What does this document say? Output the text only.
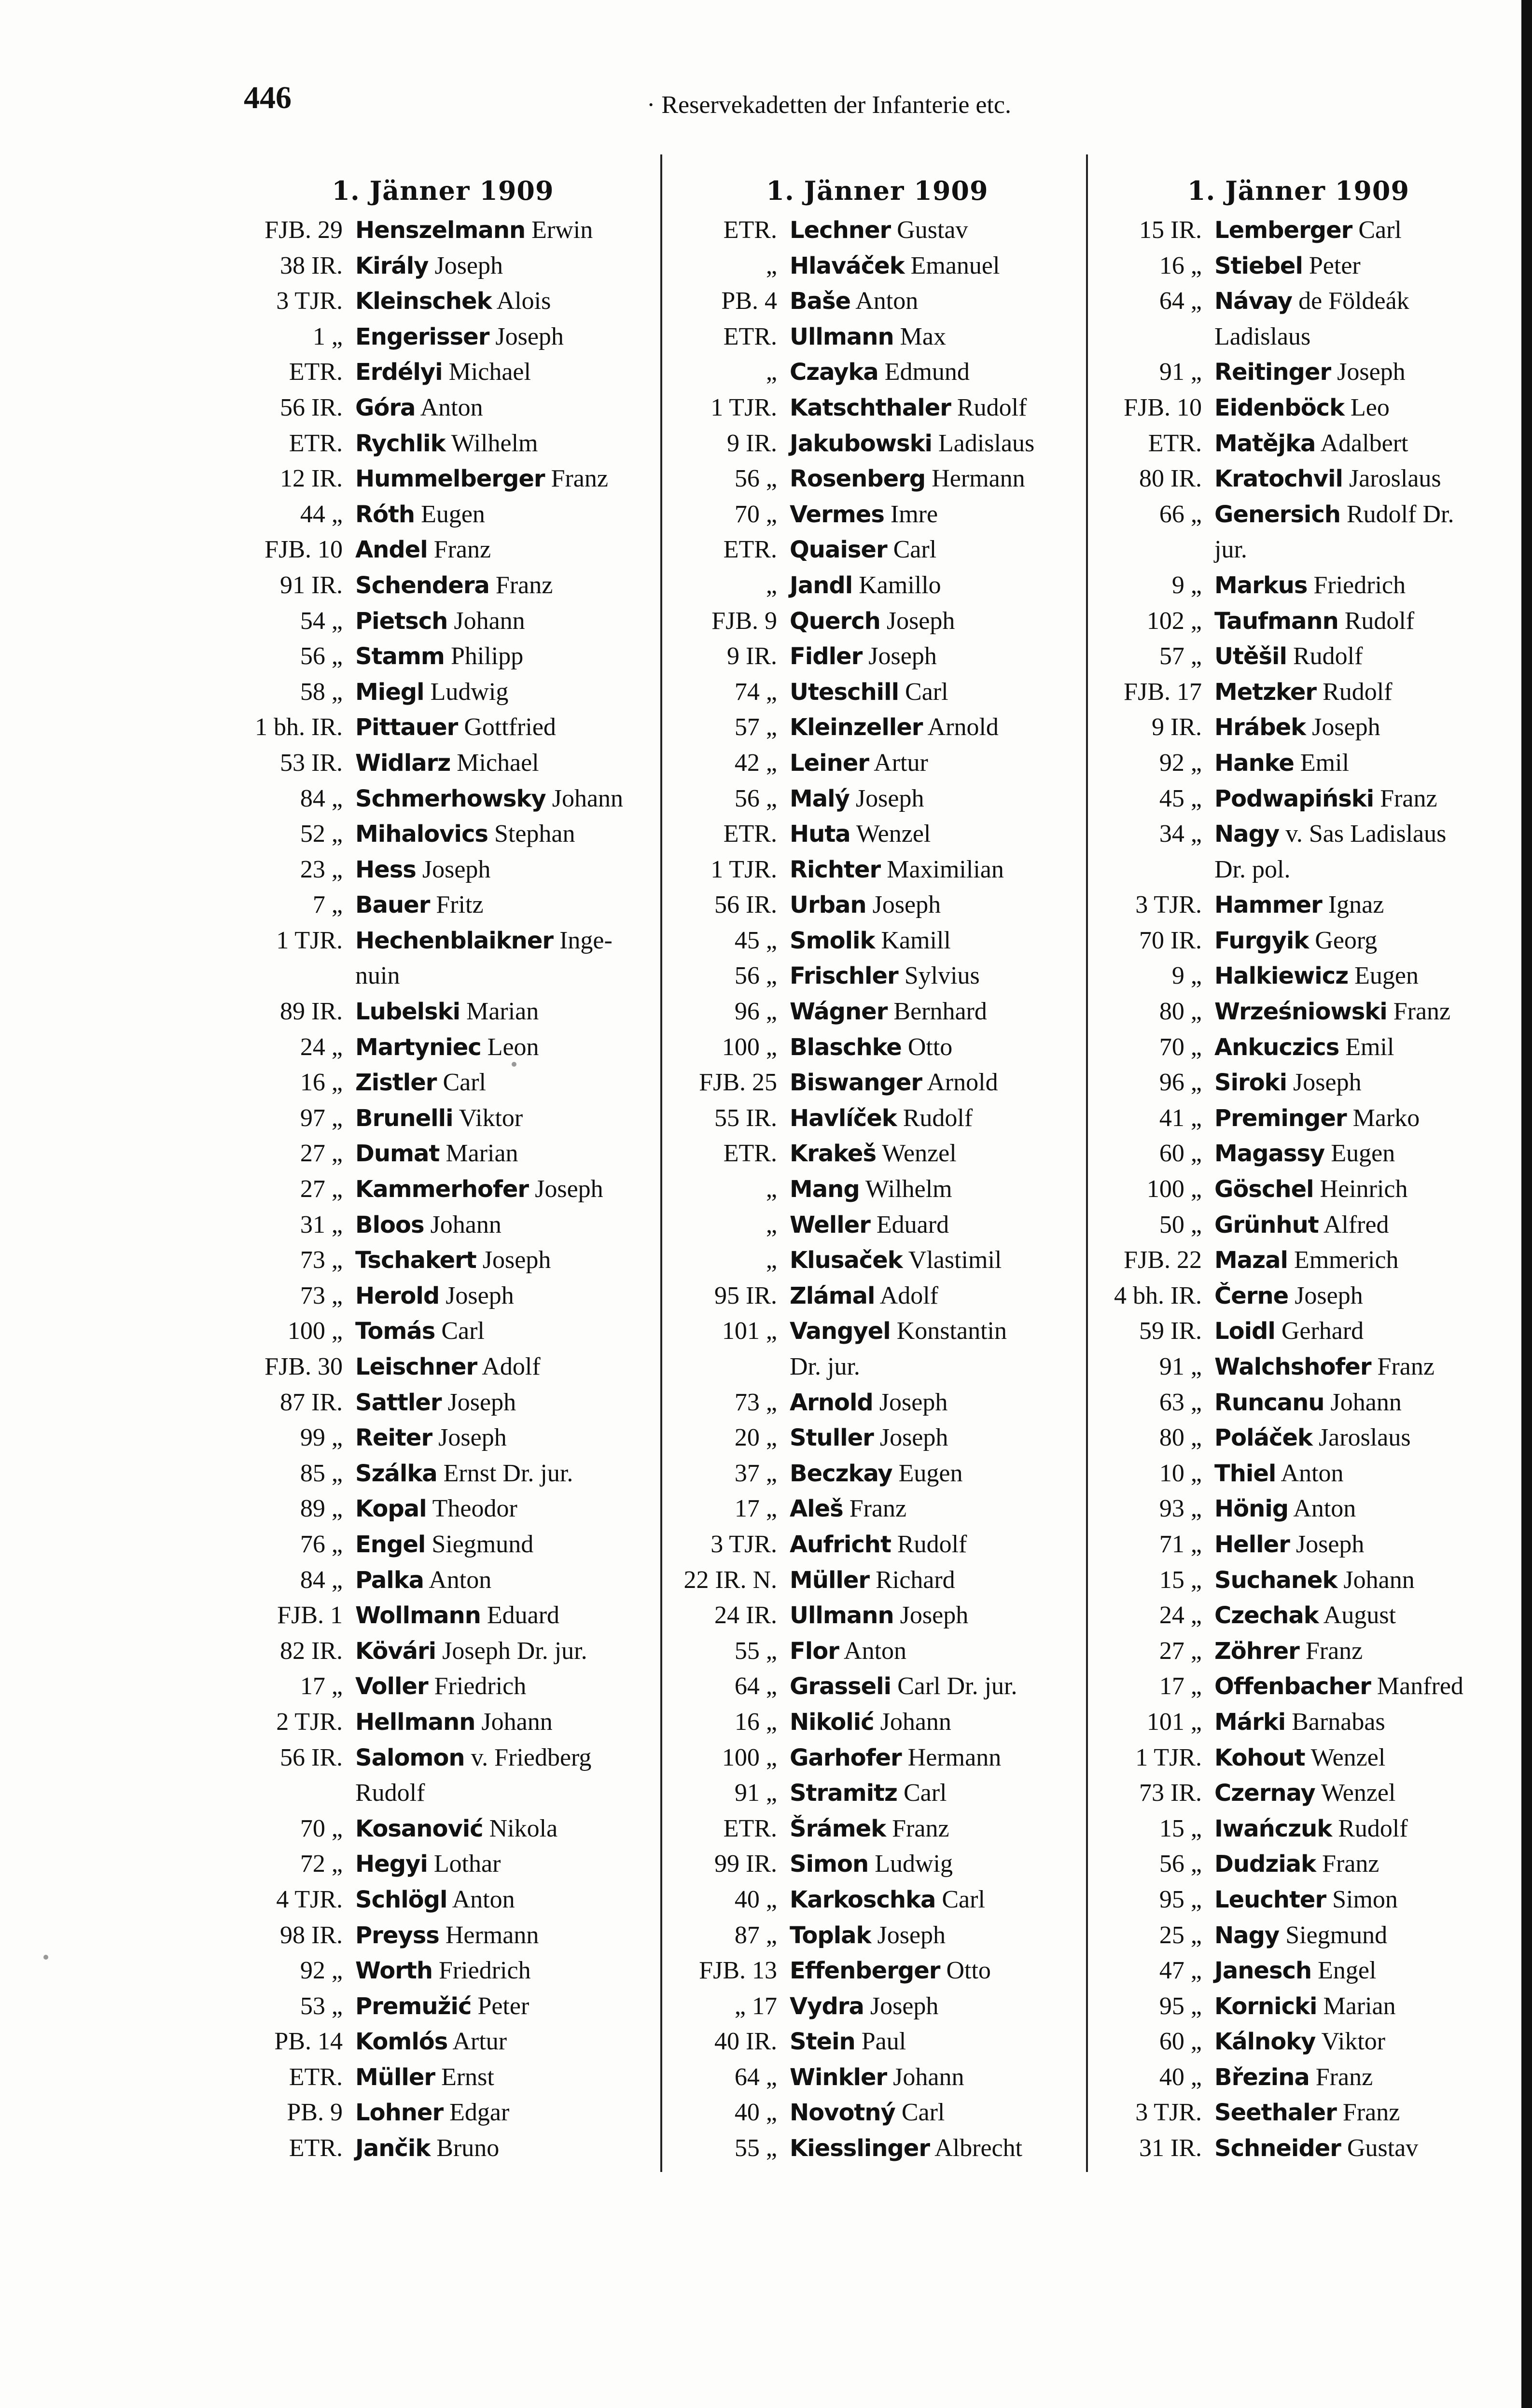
446	· Reservekadetten der Infanterie etc.
1. Jänner 1909
FJB. 29 Henszelmann Erwin
38 IR. Király Joseph
3 TJR. Kleinschek Alois
1 „ Engerisser Joseph
ETR. Erdélyi Michael
56 IR. Góra Anton
ETR. Rychlik Wilhelm
12 IR. Hummelberger Franz
44 „ Róth Eugen
FJB. 10 Andel Franz
91 IR. Schendera Franz
54 „ Pietsch Johann
56 „ Stamm Philipp
58 „ Miegl Ludwig
1 bh. IR. Pittauer Gottfried
53 IR. Widlarz Michael
84 „ Schmerhowsky Johann
52 „ Mihalovics Stephan
23 „ Hess Joseph
7 „ Bauer Fritz
1 TJR. Hechenblaikner Inge-
nuin
89 IR. Lubelski Marian
24 „ Martyniec Leon
16 „ Zistler Carl
97 „ Brunelli Viktor
27 „ Dumat Marian
27 „ Kammerhofer Joseph
31 „ Bloos Johann
73 „ Tschakert Joseph
73 „ Herold Joseph
100 „ Tomás Carl
FJB. 30 Leischner Adolf
87 IR. Sattler Joseph
99 „ Reiter Joseph
85 „ Szálka Ernst Dr. jur.
89 „ Kopal Theodor
76 „ Engel Siegmund
84 „ Palka Anton
FJB. 1 Wollmann Eduard
82 IR. Kövári Joseph Dr. jur.
17 „ Voller Friedrich
2 TJR. Hellmann Johann
56 IR. Salomon v. Friedberg
Rudolf
70 „ Kosanović Nikola
72 „ Hegyi Lothar
4 TJR. Schlögl Anton
98 IR. Preyss Hermann
92 „ Worth Friedrich
53 „ Premužić Peter
PB. 14 Komlós Artur
ETR. Müller Ernst
PB. 9 Lohner Edgar
ETR. Jančik Bruno
1. Jänner 1909
ETR. Lechner Gustav
„ Hlaváček Emanuel
PB. 4 Baše Anton
ETR. Ullmann Max
„ Czayka Edmund
1 TJR. Katschthaler Rudolf
9 IR. Jakubowski Ladislaus
56 „ Rosenberg Hermann
70 „ Vermes Imre
ETR. Quaiser Carl
„ Jandl Kamillo
FJB. 9 Querch Joseph
9 IR. Fidler Joseph
74 „ Uteschill Carl
57 „ Kleinzeller Arnold
42 „ Leiner Artur
56 „ Malý Joseph
ETR. Huta Wenzel
1 TJR. Richter Maximilian
56 IR. Urban Joseph
45 „ Smolik Kamill
56 „ Frischler Sylvius
96 „ Wágner Bernhard
100 „ Blaschke Otto
FJB. 25 Biswanger Arnold
55 IR. Havlíček Rudolf
ETR. Krakeš Wenzel
„ Mang Wilhelm
„ Weller Eduard
„ Klusaček Vlastimil
95 IR. Zlámal Adolf
101 „ Vangyel Konstantin
Dr. jur.
73 „ Arnold Joseph
20 „ Stuller Joseph
37 „ Beczkay Eugen
17 „ Aleš Franz
3 TJR. Aufricht Rudolf
22 IR. N. Müller Richard
24 IR. Ullmann Joseph
55 „ Flor Anton
64 „ Grasseli Carl Dr. jur.
16 „ Nikolić Johann
100 „ Garhofer Hermann
91 „ Stramitz Carl
ETR. Šrámek Franz
99 IR. Simon Ludwig
40 „ Karkoschka Carl
87 „ Toplak Joseph
FJB. 13 Effenberger Otto
„ 17 Vydra Joseph
40 IR. Stein Paul
64 „ Winkler Johann
40 „ Novotný Carl
55 „ Kiesslinger Albrecht
1. Jänner 1909
15 IR. Lemberger Carl
16 „ Stiebel Peter
64 „ Návay de Földeák
Ladislaus
91 „ Reitinger Joseph
FJB. 10 Eidenböck Leo
ETR. Matějka Adalbert
80 IR. Kratochvil Jaroslaus
66 „ Genersich Rudolf Dr.
jur.
9 „ Markus Friedrich
102 „ Taufmann Rudolf
57 „ Utěšil Rudolf
FJB. 17 Metzker Rudolf
9 IR. Hrábek Joseph
92 „ Hanke Emil
45 „ Podwapiński Franz
34 „ Nagy v. Sas Ladislaus
Dr. pol.
3 TJR. Hammer Ignaz
70 IR. Furgyik Georg
9 „ Halkiewicz Eugen
80 „ Wrześniowski Franz
70 „ Ankuczics Emil
96 „ Siroki Joseph
41 „ Preminger Marko
60 „ Magassy Eugen
100 „ Göschel Heinrich
50 „ Grünhut Alfred
FJB. 22 Mazal Emmerich
4 bh. IR. Černe Joseph
59 IR. Loidl Gerhard
91 „ Walchshofer Franz
63 „ Runcanu Johann
80 „ Poláček Jaroslaus
10 „ Thiel Anton
93 „ Hönig Anton
71 „ Heller Joseph
15 „ Suchanek Johann
24 „ Czechak August
27 „ Zöhrer Franz
17 „ Offenbacher Manfred
101 „ Márki Barnabas
1 TJR. Kohout Wenzel
73 IR. Czernay Wenzel
15 „ Iwańczuk Rudolf
56 „ Dudziak Franz
95 „ Leuchter Simon
25 „ Nagy Siegmund
47 „ Janesch Engel
95 „ Kornicki Marian
60 „ Kálnoky Viktor
40 „ Březina Franz
3 TJR. Seethaler Franz
31 IR. Schneider Gustav
